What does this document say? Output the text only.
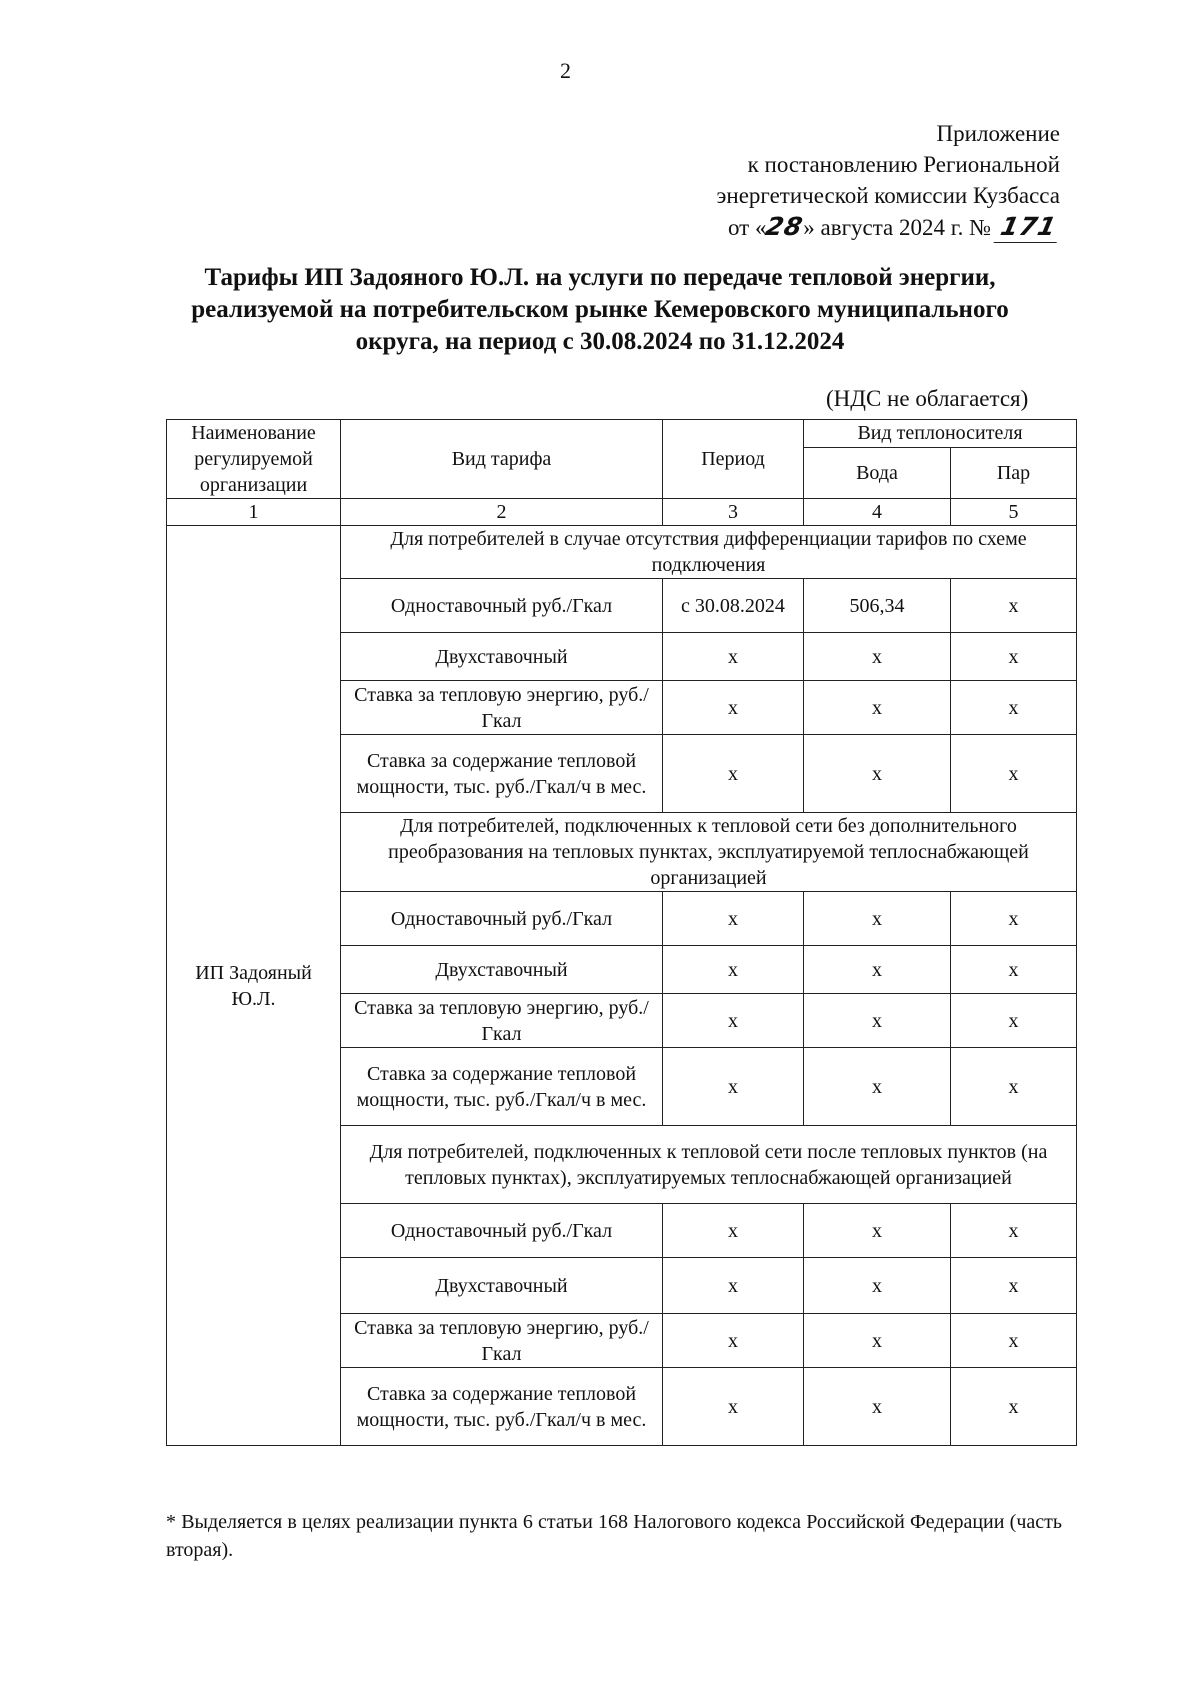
2
Приложение
к постановлению Региональной
энергетической комиссии Кузбасса
от «28» августа 2024 г. № 171
Тарифы ИП Задояного Ю.Л. на услуги по передаче тепловой энергии,
реализуемой на потребительском рынке Кемеровского муниципального
округа, на период с 30.08.2024 по 31.12.2024
(НДС не облагается)
Наименование регулируемой организации	Вид тарифа	Период	Вид теплоносителя	
			Вода	Пар
1	2	3	4	5
ИП Задояный Ю.Л.	Для потребителей в случае отсутствия дифференциации тарифов по схеме подключения			
	Одноставочный руб./Гкал	с 30.08.2024	506,34	х
	Двухставочный	х	х	х
	Ставка за тепловую энергию, руб./Гкал	х	х	х
	Ставка за содержание тепловой мощности, тыс. руб./Гкал/ч в мес.	х	х	х
	Для потребителей, подключенных к тепловой сети без дополнительного преобразования на тепловых пунктах, эксплуатируемой теплоснабжающей организацией			
	Одноставочный руб./Гкал	х	х	х
	Двухставочный	х	х	х
	Ставка за тепловую энергию, руб./Гкал	х	х	х
	Ставка за содержание тепловой мощности, тыс. руб./Гкал/ч в мес.	х	х	х
	Для потребителей, подключенных к тепловой сети после тепловых пунктов (на тепловых пунктах), эксплуатируемых теплоснабжающей организацией			
	Одноставочный руб./Гкал	х	х	х
	Двухставочный	х	х	х
	Ставка за тепловую энергию, руб./Гкал	х	х	х
	Ставка за содержание тепловой мощности, тыс. руб./Гкал/ч в мес.	х	х	х
* Выделяется в целях реализации пункта 6 статьи 168 Налогового кодекса Российской Федерации (часть вторая).
